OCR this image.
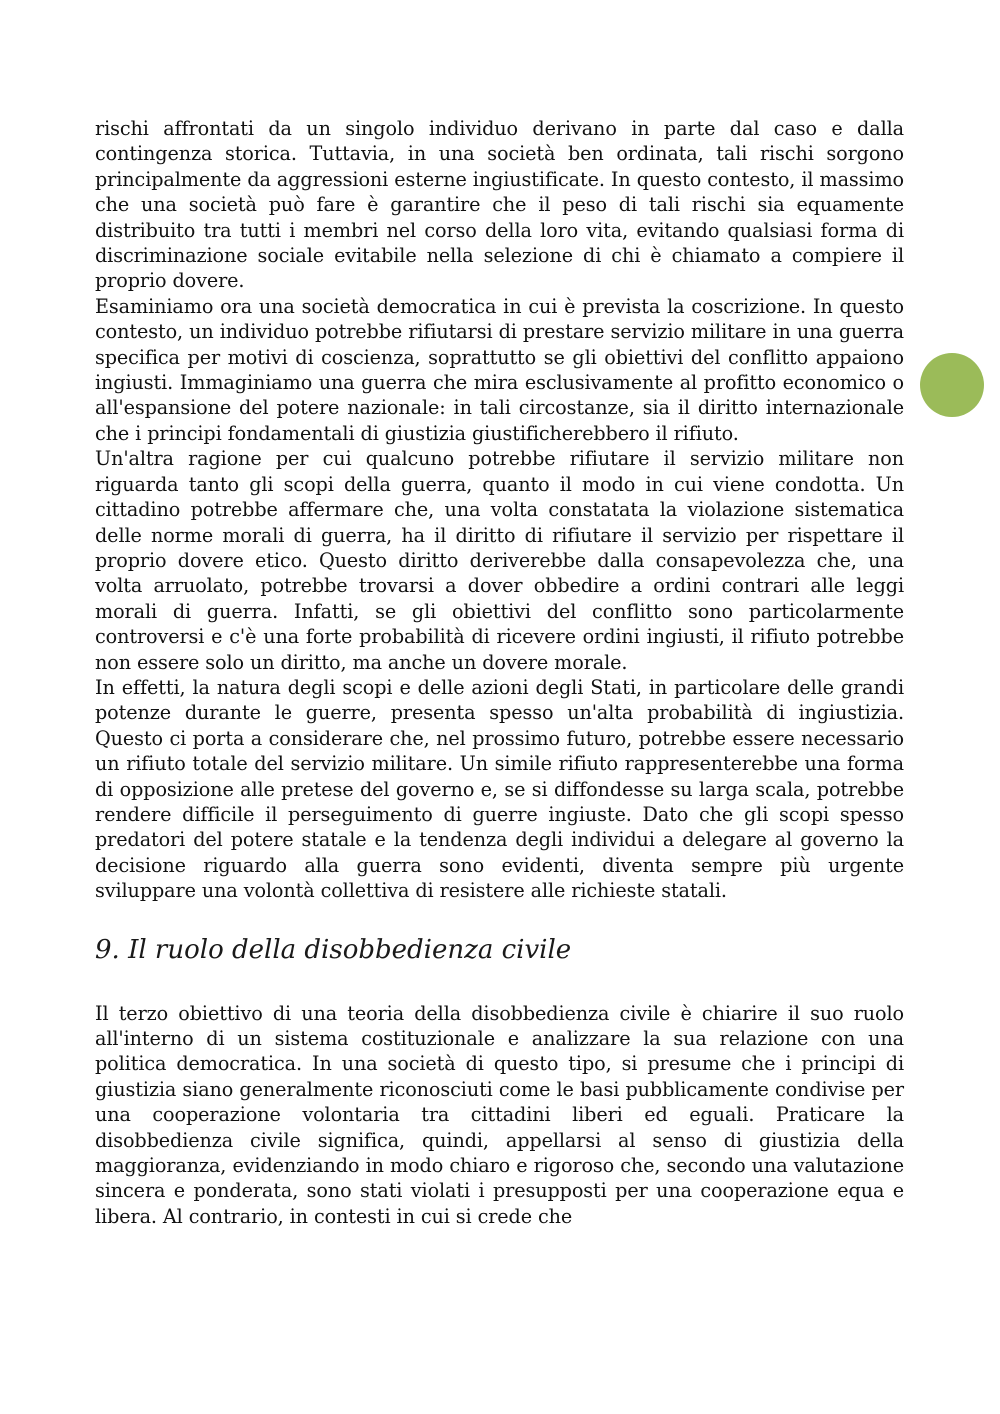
rischi affrontati da un singolo individuo derivano in parte dal caso e dalla contingenza storica. Tuttavia, in una società ben ordinata, tali rischi sorgono principalmente da aggressioni esterne ingiustificate. In questo contesto, il massimo che una società può fare è garantire che il peso di tali rischi sia equamente distribuito tra tutti i membri nel corso della loro vita, evitando qualsiasi forma di discriminazione sociale evitabile nella selezione di chi è chiamato a compiere il proprio dovere.

Esaminiamo ora una società democratica in cui è prevista la coscrizione. In questo contesto, un individuo potrebbe rifiutarsi di prestare servizio militare in una guerra specifica per motivi di coscienza, soprattutto se gli obiettivi del conflitto appaiono ingiusti. Immaginiamo una guerra che mira esclusivamente al profitto economico o all'espansione del potere nazionale: in tali circostanze, sia il diritto internazionale che i principi fondamentali di giustizia giustificherebbero il rifiuto.

Un'altra ragione per cui qualcuno potrebbe rifiutare il servizio militare non riguarda tanto gli scopi della guerra, quanto il modo in cui viene condotta. Un cittadino potrebbe affermare che, una volta constatata la violazione sistematica delle norme morali di guerra, ha il diritto di rifiutare il servizio per rispettare il proprio dovere etico. Questo diritto deriverebbe dalla consapevolezza che, una volta arruolato, potrebbe trovarsi a dover obbedire a ordini contrari alle leggi morali di guerra. Infatti, se gli obiettivi del conflitto sono particolarmente controversi e c'è una forte probabilità di ricevere ordini ingiusti, il rifiuto potrebbe non essere solo un diritto, ma anche un dovere morale.

In effetti, la natura degli scopi e delle azioni degli Stati, in particolare delle grandi potenze durante le guerre, presenta spesso un'alta probabilità di ingiustizia. Questo ci porta a considerare che, nel prossimo futuro, potrebbe essere necessario un rifiuto totale del servizio militare. Un simile rifiuto rappresenterebbe una forma di opposizione alle pretese del governo e, se si diffondesse su larga scala, potrebbe rendere difficile il perseguimento di guerre ingiuste. Dato che gli scopi spesso predatori del potere statale e la tendenza degli individui a delegare al governo la decisione riguardo alla guerra sono evidenti, diventa sempre più urgente sviluppare una volontà collettiva di resistere alle richieste statali.

9. Il ruolo della disobbedienza civile

Il terzo obiettivo di una teoria della disobbedienza civile è chiarire il suo ruolo all'interno di un sistema costituzionale e analizzare la sua relazione con una politica democratica. In una società di questo tipo, si presume che i principi di giustizia siano generalmente riconosciuti come le basi pubblicamente condivise per una cooperazione volontaria tra cittadini liberi ed eguali. Praticare la disobbedienza civile significa, quindi, appellarsi al senso di giustizia della maggioranza, evidenziando in modo chiaro e rigoroso che, secondo una valutazione sincera e ponderata, sono stati violati i presupposti per una cooperazione equa e libera. Al contrario, in contesti in cui si crede che
